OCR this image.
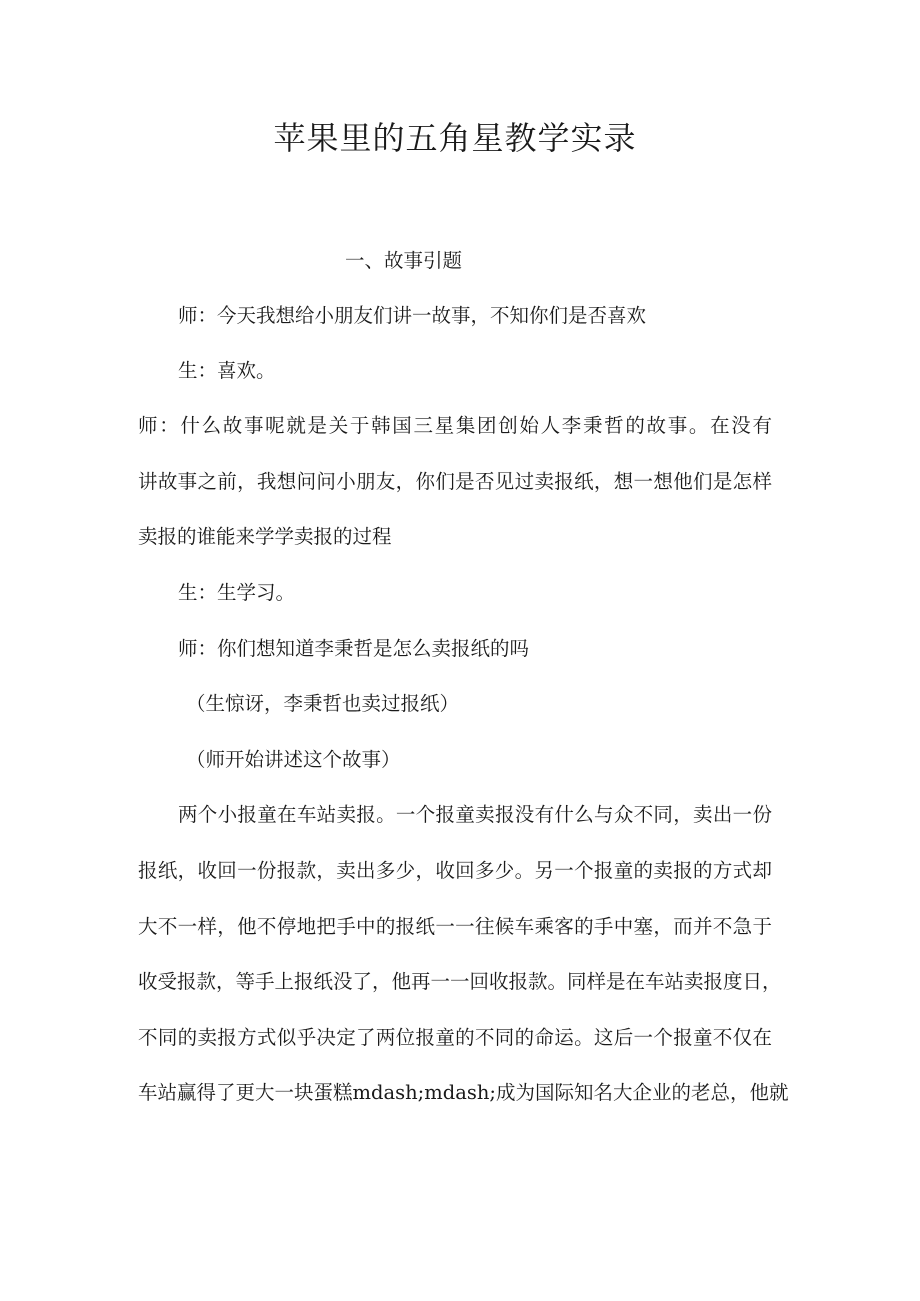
苹果里的五角星教学实录
一、故事引题
师：今天我想给小朋友们讲一故事，不知你们是否喜欢
生：喜欢。
师：什么故事呢就是关于韩国三星集团创始人李秉哲的故事。在没有
讲故事之前，我想问问小朋友，你们是否见过卖报纸，想一想他们是怎样
卖报的谁能来学学卖报的过程
生：生学习。
师：你们想知道李秉哲是怎么卖报纸的吗
（生惊讶，李秉哲也卖过报纸）
（师开始讲述这个故事）
两个小报童在车站卖报。一个报童卖报没有什么与众不同，卖出一份
报纸，收回一份报款，卖出多少，收回多少。另一个报童的卖报的方式却
大不一样，他不停地把手中的报纸一一往候车乘客的手中塞，而并不急于
收受报款，等手上报纸没了，他再一一回收报款。同样是在车站卖报度日，
不同的卖报方式似乎决定了两位报童的不同的命运。这后一个报童不仅在
车站赢得了更大一块蛋糕mdash;mdash;成为国际知名大企业的老总，他就
